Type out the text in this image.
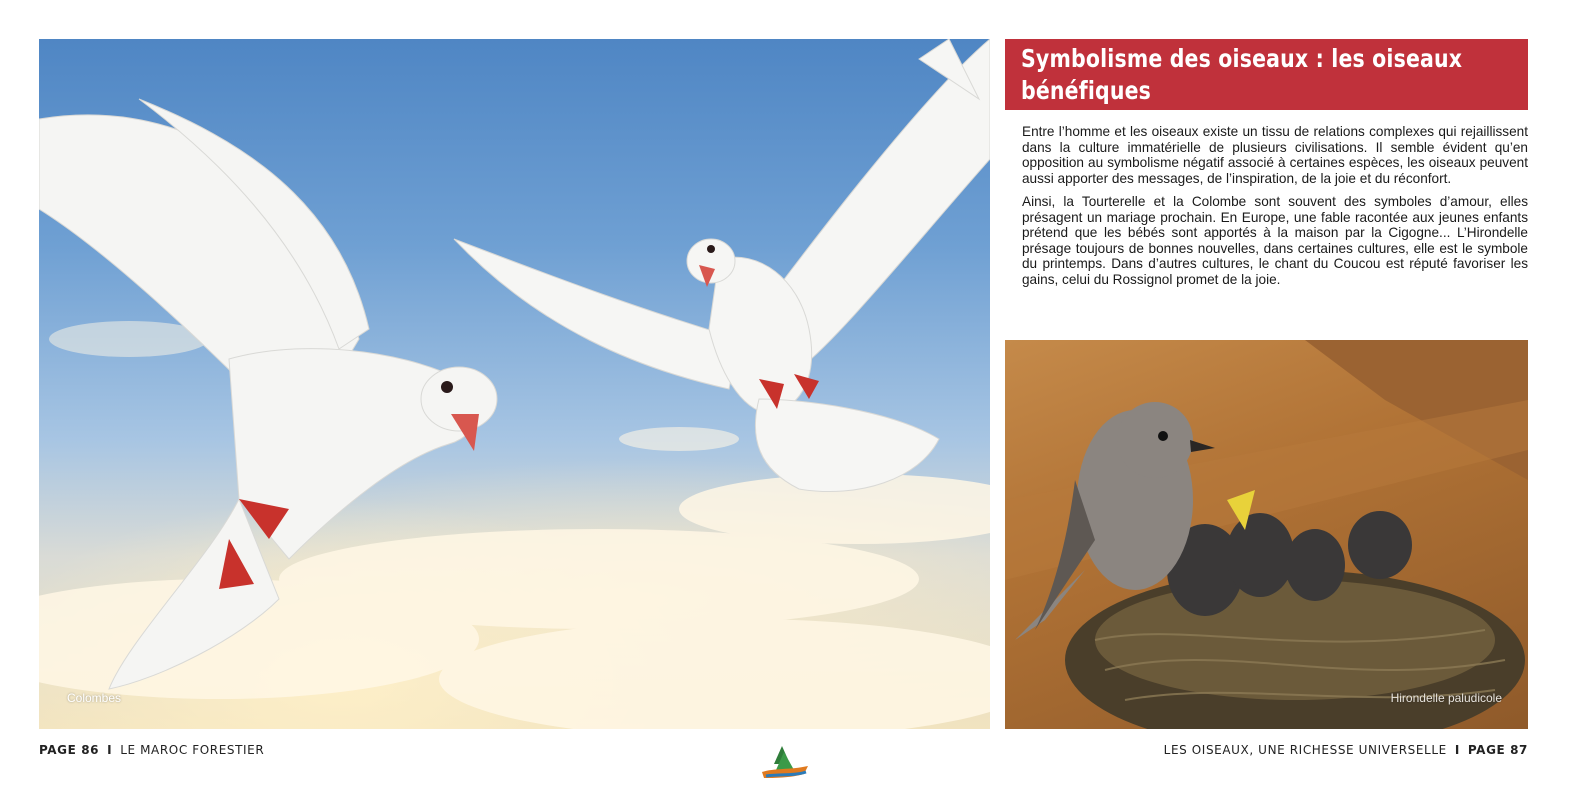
Colombes
Symbolisme des oiseaux : les oiseaux bénéfiques

Entre l’homme et les oiseaux existe un tissu de relations complexes qui rejaillissent dans la culture immatérielle de plusieurs civilisations. Il semble évident qu’en opposition au symbolisme négatif associé à certaines espèces, les oiseaux peuvent aussi apporter des messages, de l’inspiration, de la joie et du réconfort.

Ainsi, la Tourterelle et la Colombe sont souvent des symboles d’amour, elles présagent un mariage prochain. En Europe, une fable racontée aux jeunes enfants prétend que les bébés sont apportés à la maison par la Cigogne... L’Hirondelle présage toujours de bonnes nouvelles, dans certaines cultures, elle est le symbole du printemps. Dans d’autres cultures, le chant du Coucou est réputé favoriser les gains, celui du Rossignol promet de la joie.

Hirondelle paludicole
PAGE 86 I LE MAROC FORESTIER	LES OISEAUX, UNE RICHESSE UNIVERSELLE I PAGE 87
